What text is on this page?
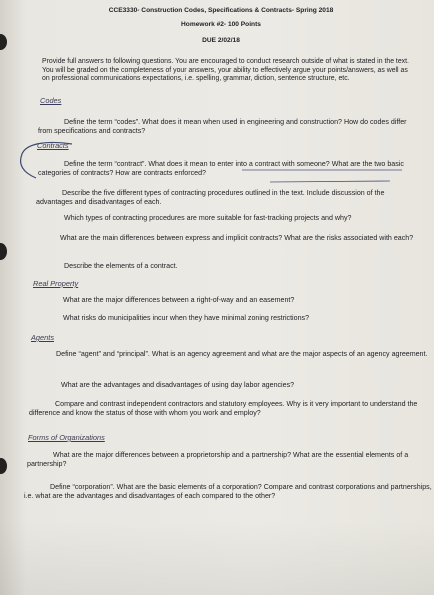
CCE3330- Construction Codes, Specifications & Contracts- Spring 2018
Homework #2- 100 Points
DUE 2/02/18
Provide full answers to following questions. You are encouraged to conduct research outside of what is stated in the text. You will be graded on the completeness of your answers, your ability to effectively argue your points/answers, as well as on professional communications expectations, i.e. spelling, grammar, diction, sentence structure, etc.
Codes
Define the term “codes”. What does it mean when used in engineering and construction? How do codes differ from specifications and contracts?
Contracts
Define the term “contract”. What does it mean to enter into a contract with someone? What are the two basic categories of contracts? How are contracts enforced?
Describe the five different types of contracting procedures outlined in the text. Include discussion of the advantages and disadvantages of each.
Which types of contracting procedures are more suitable for fast-tracking projects and why?
What are the main differences between express and implicit contracts? What are the risks associated with each?
Describe the elements of a contract.
Real Property
What are the major differences between a right-of-way and an easement?
What risks do municipalities incur when they have minimal zoning restrictions?
Agents
Define “agent” and “principal”. What is an agency agreement and what are the major aspects of an agency agreement.
What are the advantages and disadvantages of using day labor agencies?
Compare and contrast independent contractors and statutory employees. Why is it very important to understand the difference and know the status of those with whom you work and employ?
Forms of Organizations
What are the major differences between a proprietorship and a partnership? What are the essential elements of a partnership?
Define “corporation”. What are the basic elements of a corporation? Compare and contrast corporations and partnerships, i.e. what are the advantages and disadvantages of each compared to the other?
